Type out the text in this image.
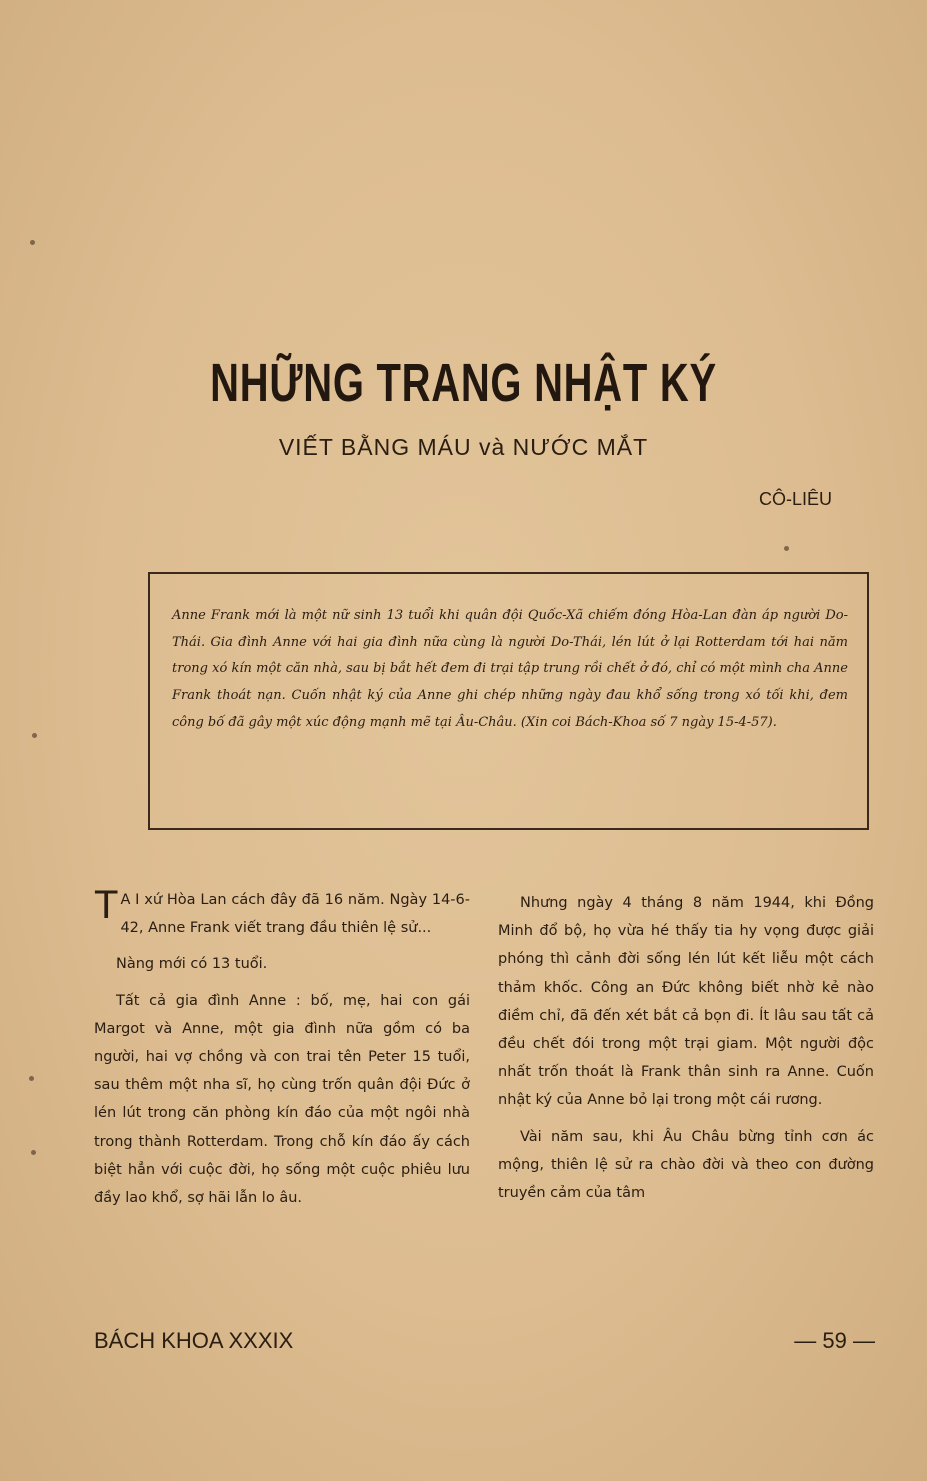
NHỮNG TRANG NHẬT KÝ
VIẾT BẰNG MÁU và NƯỚC MẮT
CÔ-LIÊU
Anne Frank mới là một nữ sinh 13 tuổi khi quân đội Quốc-Xã chiếm đóng Hòa-Lan đàn áp người Do-Thái. Gia đình Anne với hai gia đình nữa cùng là người Do-Thái, lén lút ở lại Rotterdam tới hai năm trong xó kín một căn nhà, sau bị bắt hết đem đi trại tập trung rồi chết ở đó, chỉ có một mình cha Anne Frank thoát nạn. Cuốn nhật ký của Anne ghi chép những ngày đau khổ sống trong xó tối khi, đem công bố đã gây một xúc động mạnh mẽ tại Âu-Châu. (Xin coi Bách-Khoa số 7 ngày 15-4-57).

T A I xứ Hòa Lan cách đây đã 16 năm. Ngày 14-6-42, Anne Frank viết trang đầu thiên lệ sử...

Nàng mới có 13 tuổi.

Tất cả gia đình Anne : bố, mẹ, hai con gái Margot và Anne, một gia đình nữa gồm có ba người, hai vợ chồng và con trai tên Peter 15 tuổi, sau thêm một nha sĩ, họ cùng trốn quân đội Đức ở lén lút trong căn phòng kín đáo của một ngôi nhà trong thành Rotterdam. Trong chỗ kín đáo ấy cách biệt hẳn với cuộc đời, họ sống một cuộc phiêu lưu đầy lao khổ, sợ hãi lẫn lo âu.

Nhưng ngày 4 tháng 8 năm 1944, khi Đồng Minh đổ bộ, họ vừa hé thấy tia hy vọng được giải phóng thì cảnh đời sống lén lút kết liễu một cách thảm khốc. Công an Đức không biết nhờ kẻ nào điềm chỉ, đã đến xét bắt cả bọn đi. Ít lâu sau tất cả đều chết đói trong một trại giam. Một người độc nhất trốn thoát là Frank thân sinh ra Anne. Cuốn nhật ký của Anne bỏ lại trong một cái rương.

Vài năm sau, khi Âu Châu bừng tỉnh cơn ác mộng, thiên lệ sử ra chào đời và theo con đường truyền cảm của tâm

BÁCH KHOA XXXIX	— 59 —
